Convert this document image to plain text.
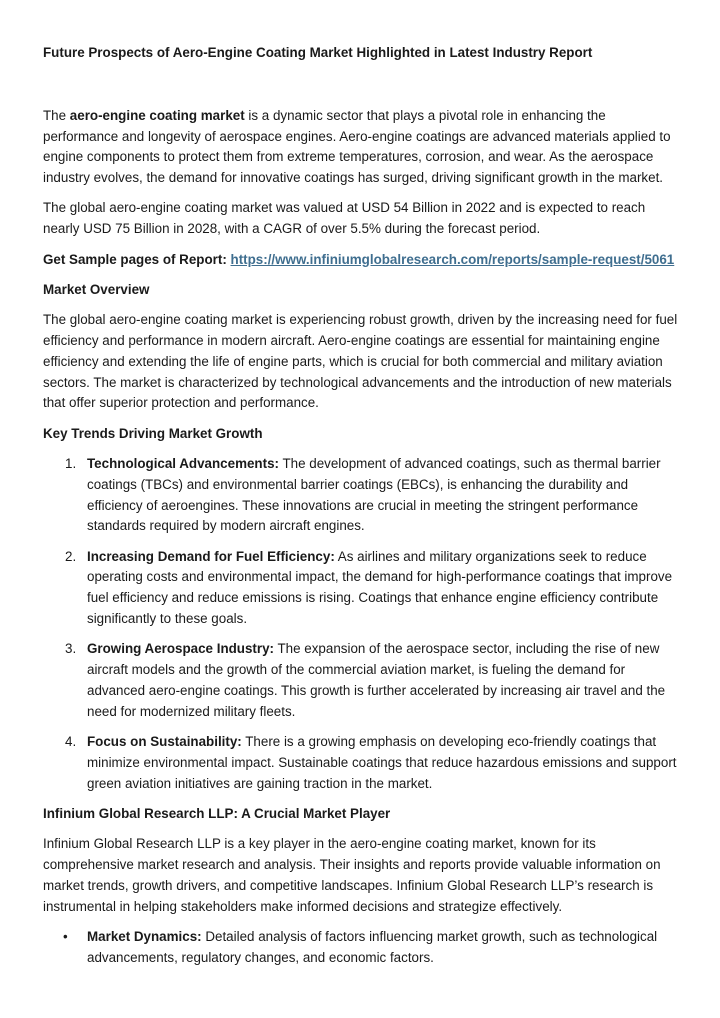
Future Prospects of Aero-Engine Coating Market Highlighted in Latest Industry Report

The aero-engine coating market is a dynamic sector that plays a pivotal role in enhancing the performance and longevity of aerospace engines. Aero-engine coatings are advanced materials applied to engine components to protect them from extreme temperatures, corrosion, and wear. As the aerospace industry evolves, the demand for innovative coatings has surged, driving significant growth in the market.

The global aero-engine coating market was valued at USD 54 Billion in 2022 and is expected to reach nearly USD 75 Billion in 2028, with a CAGR of over 5.5% during the forecast period.

Get Sample pages of Report: https://www.infiniumglobalresearch.com/reports/sample-request/5061

Market Overview

The global aero-engine coating market is experiencing robust growth, driven by the increasing need for fuel efficiency and performance in modern aircraft. Aero-engine coatings are essential for maintaining engine efficiency and extending the life of engine parts, which is crucial for both commercial and military aviation sectors. The market is characterized by technological advancements and the introduction of new materials that offer superior protection and performance.

Key Trends Driving Market Growth

1. Technological Advancements: The development of advanced coatings, such as thermal barrier coatings (TBCs) and environmental barrier coatings (EBCs), is enhancing the durability and efficiency of aeroengines. These innovations are crucial in meeting the stringent performance standards required by modern aircraft engines.
2. Increasing Demand for Fuel Efficiency: As airlines and military organizations seek to reduce operating costs and environmental impact, the demand for high-performance coatings that improve fuel efficiency and reduce emissions is rising. Coatings that enhance engine efficiency contribute significantly to these goals.
3. Growing Aerospace Industry: The expansion of the aerospace sector, including the rise of new aircraft models and the growth of the commercial aviation market, is fueling the demand for advanced aero-engine coatings. This growth is further accelerated by increasing air travel and the need for modernized military fleets.
4. Focus on Sustainability: There is a growing emphasis on developing eco-friendly coatings that minimize environmental impact. Sustainable coatings that reduce hazardous emissions and support green aviation initiatives are gaining traction in the market.

Infinium Global Research LLP: A Crucial Market Player

Infinium Global Research LLP is a key player in the aero-engine coating market, known for its comprehensive market research and analysis. Their insights and reports provide valuable information on market trends, growth drivers, and competitive landscapes. Infinium Global Research LLP’s research is instrumental in helping stakeholders make informed decisions and strategize effectively.

• Market Dynamics: Detailed analysis of factors influencing market growth, such as technological advancements, regulatory changes, and economic factors.
